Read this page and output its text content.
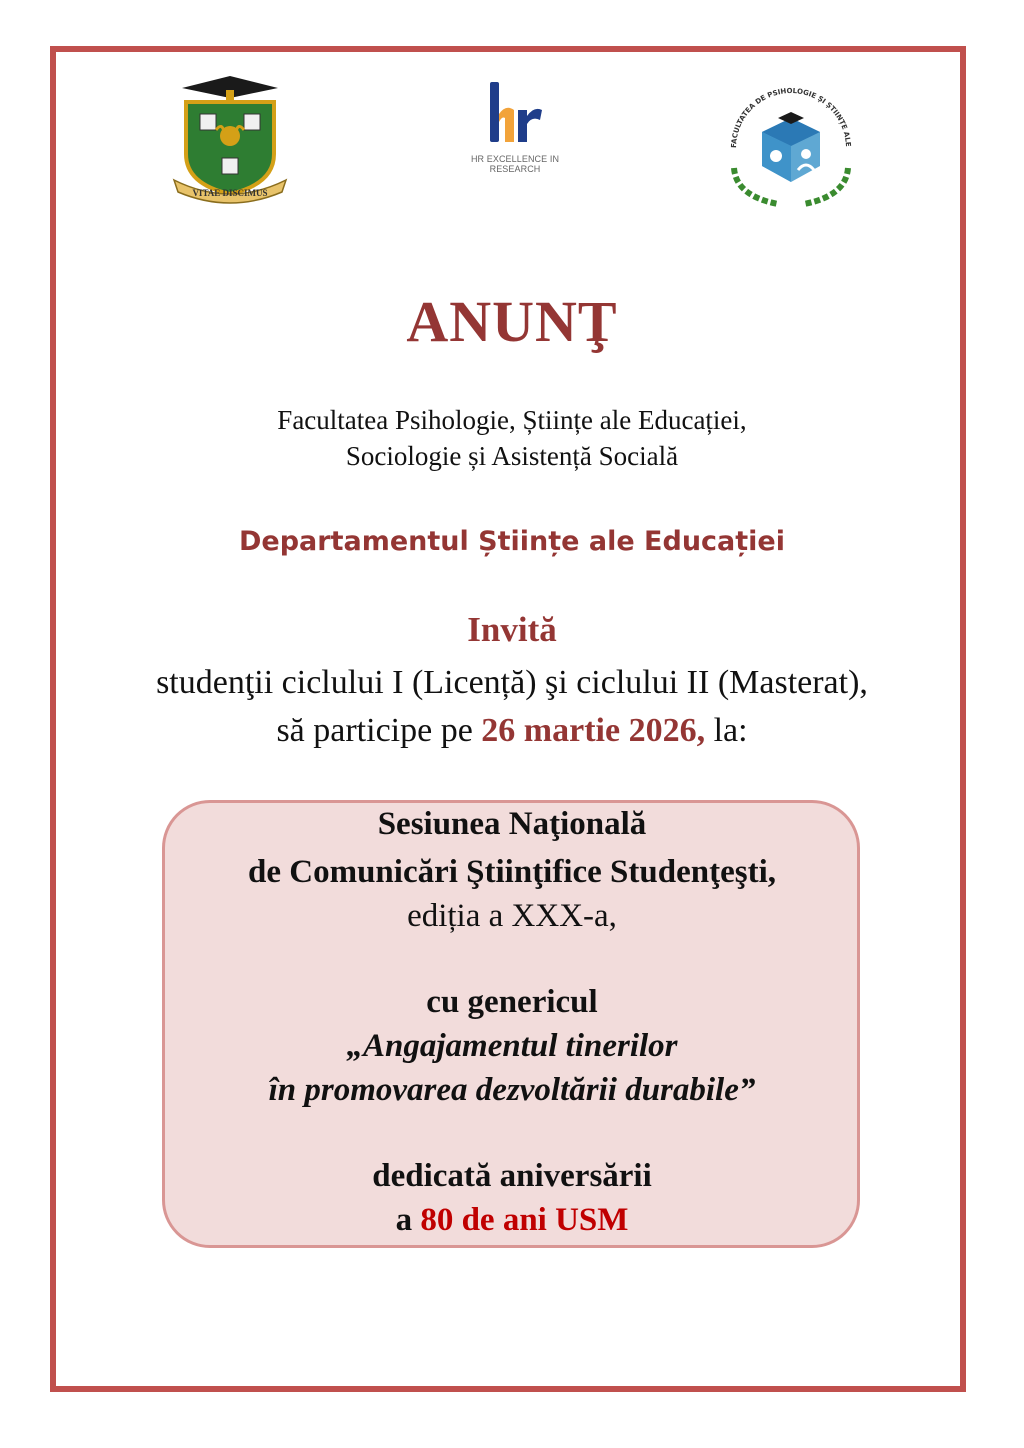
VITAE DISCIMUS
hr
HR EXCELLENCE IN RESEARCH
FACULTATEA DE PSIHOLOGIE ȘI ȘTIINȚE ALE
ANUNŢ
Facultatea Psihologie, Științe ale Educației,
Sociologie și Asistență Socială
Departamentul Științe ale Educației
Invită
studenţii ciclului I (Licență) şi ciclului II (Masterat),
să participe pe 26 martie 2026, la:
Sesiunea Naţională
de Comunicări Ştiinţifice Studenţeşti,
ediția a XXX-a,
cu genericul
„Angajamentul tinerilor
în promovarea dezvoltării durabile”
dedicată aniversării
a 80 de ani USM
